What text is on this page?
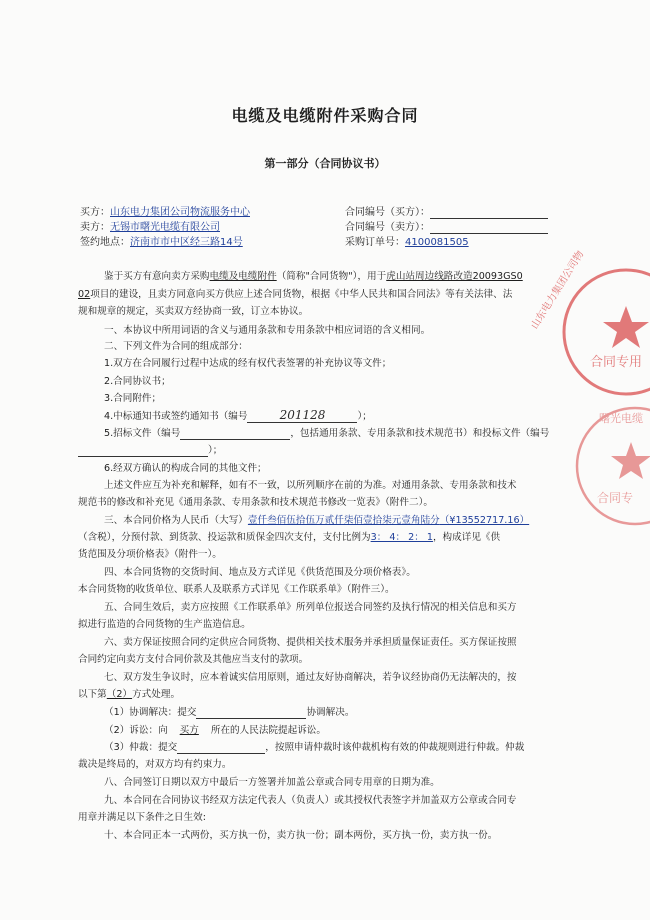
电缆及电缆附件采购合同
第一部分（合同协议书）
买方：山东电力集团公司物流服务中心
卖方：无锡市曙光电缆有限公司
签约地点：济南市市中区经三路14号
合同编号（买方）：
合同编号（卖方）：
采购订单号：4100081505
鉴于买方有意向卖方采购电缆及电缆附件（简称"合同货物"），用于虎山站周边线路改造20093GS0
02项目的建设，且卖方同意向买方供应上述合同货物，根据《中华人民共和国合同法》等有关法律、法
规和规章的规定，买卖双方经协商一致，订立本协议。
一、本协议中所用词语的含义与通用条款和专用条款中相应词语的含义相同。
二、下列文件为合同的组成部分：
1.双方在合同履行过程中达成的经有权代表签署的补充协议等文件；
2.合同协议书；
3.合同附件；
4.中标通知书或签约通知书（编号	201128	）；
5.招标文件（编号	，包括通用条款、专用条款和技术规范书）和投标文件（编号
）；
6.经双方确认的构成合同的其他文件；
上述文件应互为补充和解释，如有不一致，以所列顺序在前的为准。对通用条款、专用条款和技术
规范书的修改和补充见《通用条款、专用条款和技术规范书修改一览表》（附件二）。
三、本合同价格为人民币（大写）壹仟叁佰伍拾伍万贰仟柒佰壹拾柒元壹角陆分（¥13552717.16）
（含税），分预付款、到货款、投运款和质保金四次支付，支付比例为3： 4： 2： 1，构成详见《供
货范围及分项价格表》（附件一）。
四、本合同货物的交货时间、地点及方式详见《供货范围及分项价格表》。
本合同货物的收货单位、联系人及联系方式详见《工作联系单》（附件三）。
五、合同生效后，卖方应按照《工作联系单》所列单位报送合同签约及执行情况的相关信息和买方
拟进行监造的合同货物的生产监造信息。
六、卖方保证按照合同约定供应合同货物、提供相关技术服务并承担质量保证责任。买方保证按照
合同约定向卖方支付合同价款及其他应当支付的款项。
七、双方发生争议时，应本着诚实信用原则，通过友好协商解决，若争议经协商仍无法解决的，按
以下第（2）方式处理。
（1）协调解决：提交	协调解决。
（2）诉讼：向 买方 所在的人民法院提起诉讼。
（3）仲裁：提交	，按照申请仲裁时该仲裁机构有效的仲裁规则进行仲裁。仲裁
裁决是终局的，对双方均有约束力。
八、合同签订日期以双方中最后一方签署并加盖公章或合同专用章的日期为准。
九、本合同在合同协议书经双方法定代表人（负责人）或其授权代表签字并加盖双方公章或合同专
用章并满足以下条件之日生效:
十、本合同正本一式两份，买方执一份，卖方执一份；副本两份，买方执一份，卖方执一份。
合同专用
山东电力集团公司物
合同专
曙光电缆
